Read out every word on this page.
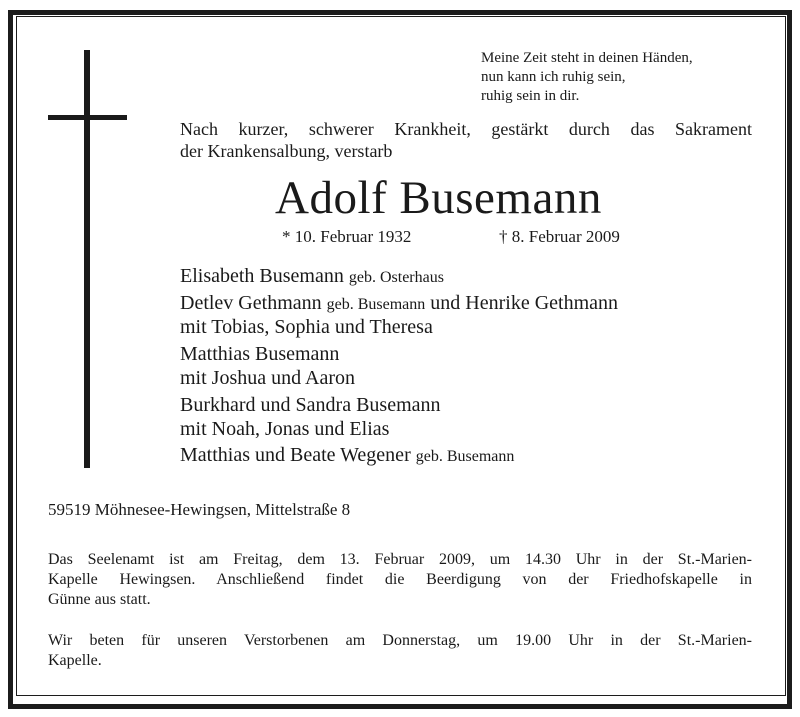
Meine Zeit steht in deinen Händen,
nun kann ich ruhig sein,
ruhig sein in dir.
Nach kurzer, schwerer Krankheit, gestärkt durch das Sakrament
der Krankensalbung, verstarb
Adolf Busemann
* 10. Februar 1932	† 8. Februar 2009
Elisabeth Busemann geb. Osterhaus
Detlev Gethmann geb. Busemann und Henrike Gethmann
mit Tobias, Sophia und Theresa
Matthias Busemann
mit Joshua und Aaron
Burkhard und Sandra Busemann
mit Noah, Jonas und Elias
Matthias und Beate Wegener geb. Busemann
59519 Möhnesee-Hewingsen, Mittelstraße 8
Das Seelenamt ist am Freitag, dem 13. Februar 2009, um 14.30 Uhr in der St.-Marien-
Kapelle Hewingsen. Anschließend findet die Beerdigung von der Friedhofskapelle in
Günne aus statt.
Wir beten für unseren Verstorbenen am Donnerstag, um 19.00 Uhr in der St.-Marien-
Kapelle.
